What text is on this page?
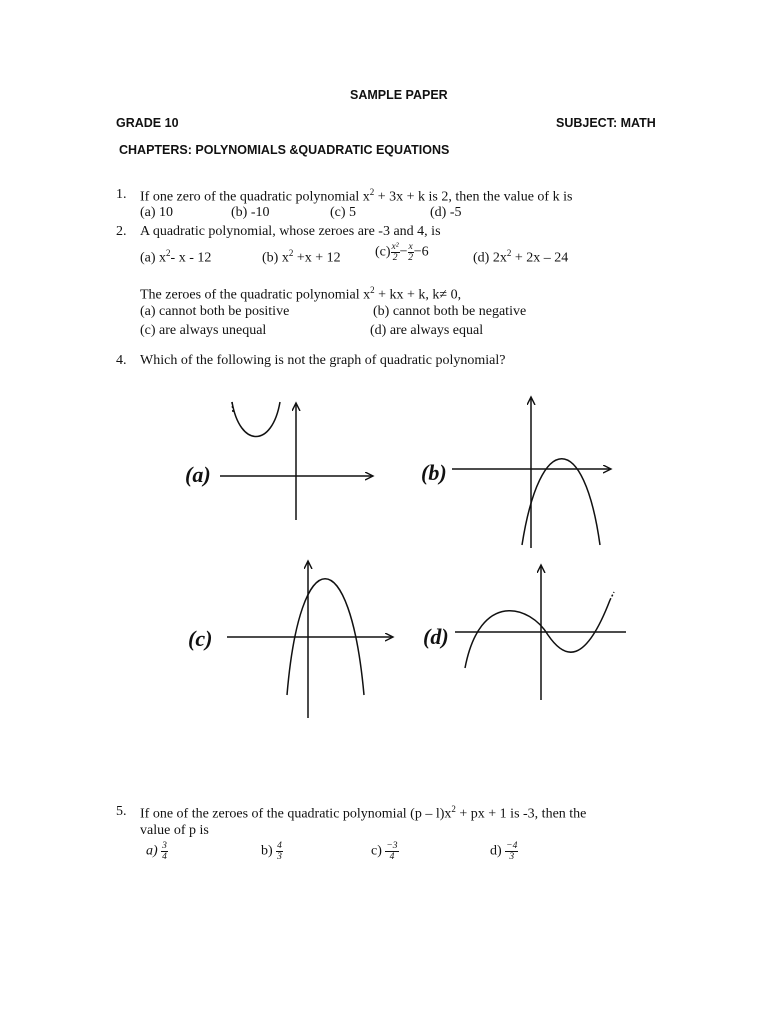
SAMPLE PAPER
GRADE 10	SUBJECT: MATH
CHAPTERS: POLYNOMIALS &QUADRATIC EQUATIONS
1. If one zero of the quadratic polynomial $x^2 + 3x + k$ is 2, then the value of k is
(a) 10	(b) -10	(c) 5	(d) -5
2. A quadratic polynomial, whose zeroes are -3 and 4, is
(a) $x^2-$ x - 12	(b) $x^2 +x + 12$ $(c) \frac{\text{x²}}{2} - \frac{x}{2} -6$	(d) $2x^2 + 2x - 24$
The zeroes of the quadratic polynomial $x^2$ + kx + k, k≠ 0,
(a) cannot both be positive	(b) cannot both be negative
(c) are always unequal	(d) are always equal
4. Which of the following is not the graph of quadratic polynomial?
(a)	(b)
(c)	(d)
5. If one of the zeroes of the quadratic polynomial $(p - l)x^2$ + px + 1 is -3, then the
value of p is
$a) \frac{3}{4}$	$b) \frac{4}{3}$	$c) \frac{-3}{4}$	$d) \frac{-4}{3}$
